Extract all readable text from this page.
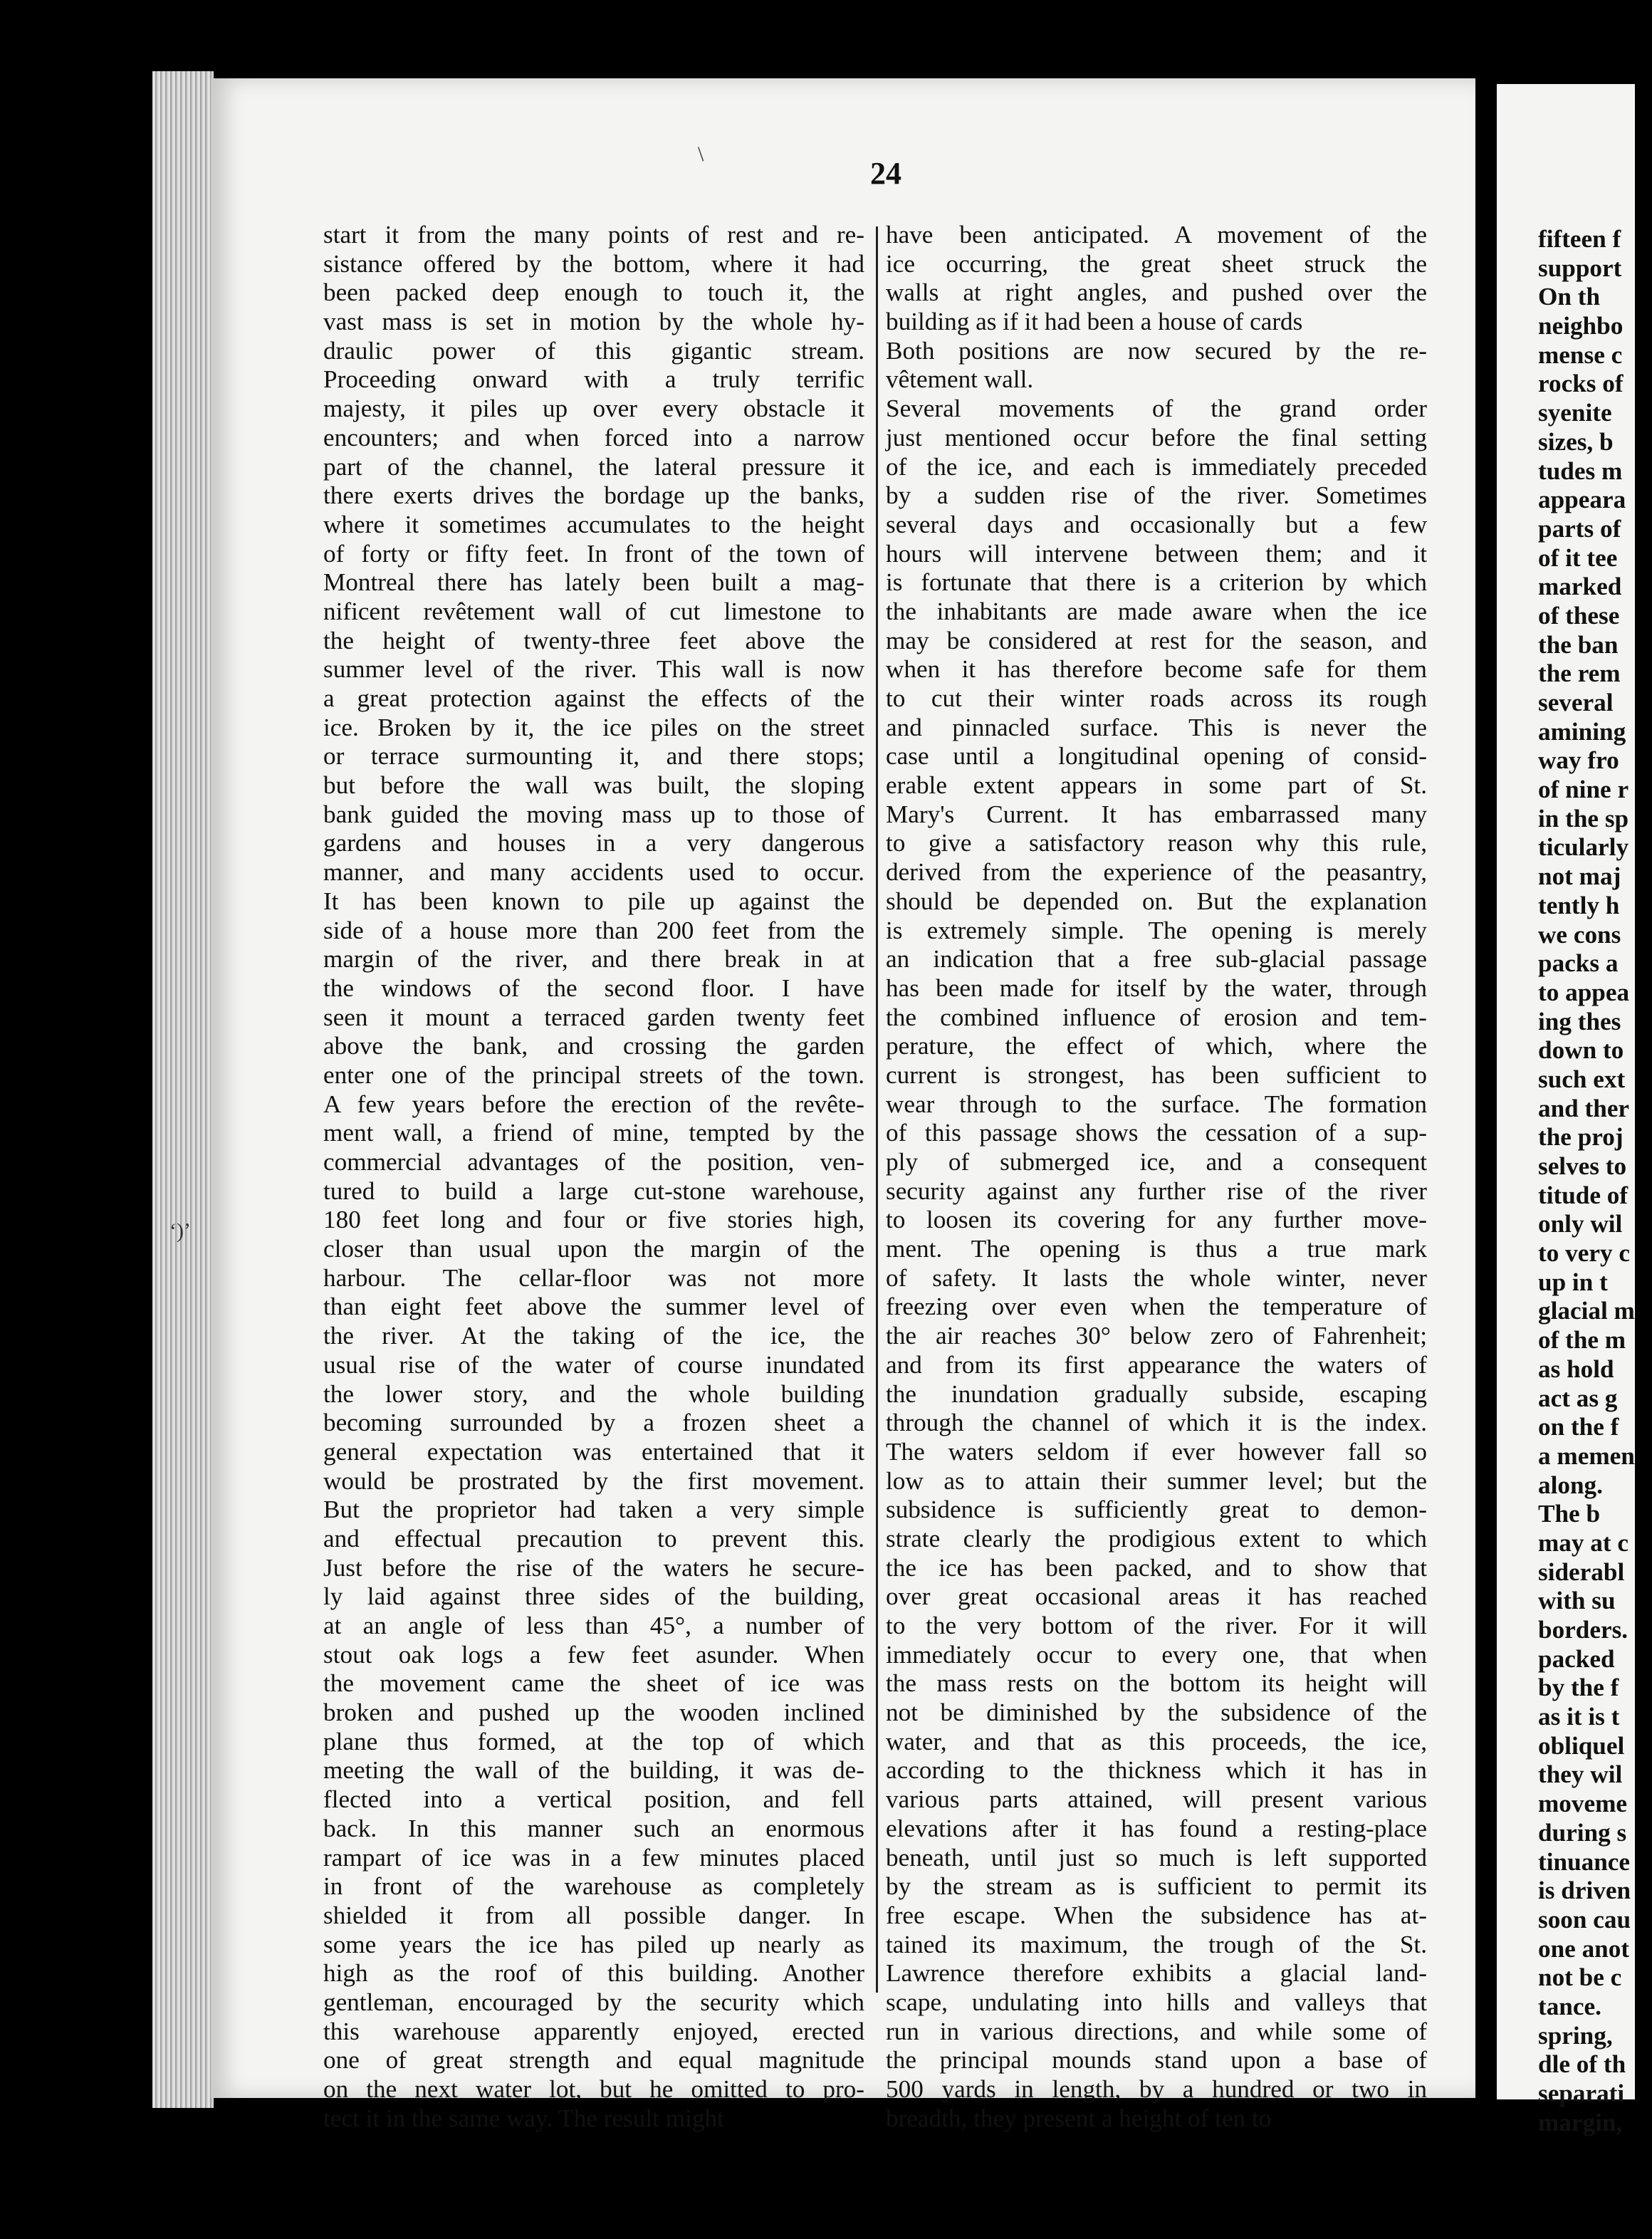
fifteen f
support
On th
neighbo
mense c
rocks of
syenite
sizes, b
tudes m
appeara
parts of
of it tee
marked
of these
the ban
the rem
several
amining
way fro
of nine r
in the sp
ticularly
not maj
tently h
we cons
packs a
to appea
ing thes
down to
such ext
and ther
the proj
selves to
titude of
only wil
to very c
up in t
glacial m
of the m
as hold
act as g
on the f
a memen
along.
The b
may at c
siderabl
with su
borders.
packed
by the f
as it is t
obliquel
they wil
moveme
during s
tinuance
is driven
soon cau
one anot
not be c
tance.
spring,
dle of th
separati
margin,
24
start it from the many points of rest and re-
sistance offered by the bottom, where it had
been packed deep enough to touch it, the
vast mass is set in motion by the whole hy-
draulic power of this gigantic stream.
Proceeding onward with a truly terrific
majesty, it piles up over every obstacle it
encounters; and when forced into a narrow
part of the channel, the lateral pressure it
there exerts drives the bordage up the banks,
where it sometimes accumulates to the height
of forty or fifty feet. In front of the town of
Montreal there has lately been built a mag-
nificent revêtement wall of cut limestone to
the height of twenty-three feet above the
summer level of the river. This wall is now
a great protection against the effects of the
ice. Broken by it, the ice piles on the street
or terrace surmounting it, and there stops;
but before the wall was built, the sloping
bank guided the moving mass up to those of
gardens and houses in a very dangerous
manner, and many accidents used to occur.
It has been known to pile up against the
side of a house more than 200 feet from the
margin of the river, and there break in at
the windows of the second floor. I have
seen it mount a terraced garden twenty feet
above the bank, and crossing the garden
enter one of the principal streets of the town.
A few years before the erection of the revête-
ment wall, a friend of mine, tempted by the
commercial advantages of the position, ven-
tured to build a large cut-stone warehouse,
180 feet long and four or five stories high,
closer than usual upon the margin of the
harbour. The cellar-floor was not more
than eight feet above the summer level of
the river. At the taking of the ice, the
usual rise of the water of course inundated
the lower story, and the whole building
becoming surrounded by a frozen sheet a
general expectation was entertained that it
would be prostrated by the first movement.
But the proprietor had taken a very simple
and effectual precaution to prevent this.
Just before the rise of the waters he secure-
ly laid against three sides of the building,
at an angle of less than 45°, a number of
stout oak logs a few feet asunder. When
the movement came the sheet of ice was
broken and pushed up the wooden inclined
plane thus formed, at the top of which
meeting the wall of the building, it was de-
flected into a vertical position, and fell
back. In this manner such an enormous
rampart of ice was in a few minutes placed
in front of the warehouse as completely
shielded it from all possible danger. In
some years the ice has piled up nearly as
high as the roof of this building. Another
gentleman, encouraged by the security which
this warehouse apparently enjoyed, erected
one of great strength and equal magnitude
on the next water lot, but he omitted to pro-
tect it in the same way. The result might
have been anticipated. A movement of the
ice occurring, the great sheet struck the
walls at right angles, and pushed over the
building as if it had been a house of cards
Both positions are now secured by the re-
vêtement wall.
Several movements of the grand order
just mentioned occur before the final setting
of the ice, and each is immediately preceded
by a sudden rise of the river. Sometimes
several days and occasionally but a few
hours will intervene between them; and it
is fortunate that there is a criterion by which
the inhabitants are made aware when the ice
may be considered at rest for the season, and
when it has therefore become safe for them
to cut their winter roads across its rough
and pinnacled surface. This is never the
case until a longitudinal opening of consid-
erable extent appears in some part of St.
Mary's Current. It has embarrassed many
to give a satisfactory reason why this rule,
derived from the experience of the peasantry,
should be depended on. But the explanation
is extremely simple. The opening is merely
an indication that a free sub-glacial passage
has been made for itself by the water, through
the combined influence of erosion and tem-
perature, the effect of which, where the
current is strongest, has been sufficient to
wear through to the surface. The formation
of this passage shows the cessation of a sup-
ply of submerged ice, and a consequent
security against any further rise of the river
to loosen its covering for any further move-
ment. The opening is thus a true mark
of safety. It lasts the whole winter, never
freezing over even when the temperature of
the air reaches 30° below zero of Fahrenheit;
and from its first appearance the waters of
the inundation gradually subside, escaping
through the channel of which it is the index.
The waters seldom if ever however fall so
low as to attain their summer level; but the
subsidence is sufficiently great to demon-
strate clearly the prodigious extent to which
the ice has been packed, and to show that
over great occasional areas it has reached
to the very bottom of the river. For it will
immediately occur to every one, that when
the mass rests on the bottom its height will
not be diminished by the subsidence of the
water, and that as this proceeds, the ice,
according to the thickness which it has in
various parts attained, will present various
elevations after it has found a resting-place
beneath, until just so much is left supported
by the stream as is sufficient to permit its
free escape. When the subsidence has at-
tained its maximum, the trough of the St.
Lawrence therefore exhibits a glacial land-
scape, undulating into hills and valleys that
run in various directions, and while some of
the principal mounds stand upon a base of
500 yards in length, by a hundred or two in
breadth, they present a height of ten to
\
ʻ)ʼ
